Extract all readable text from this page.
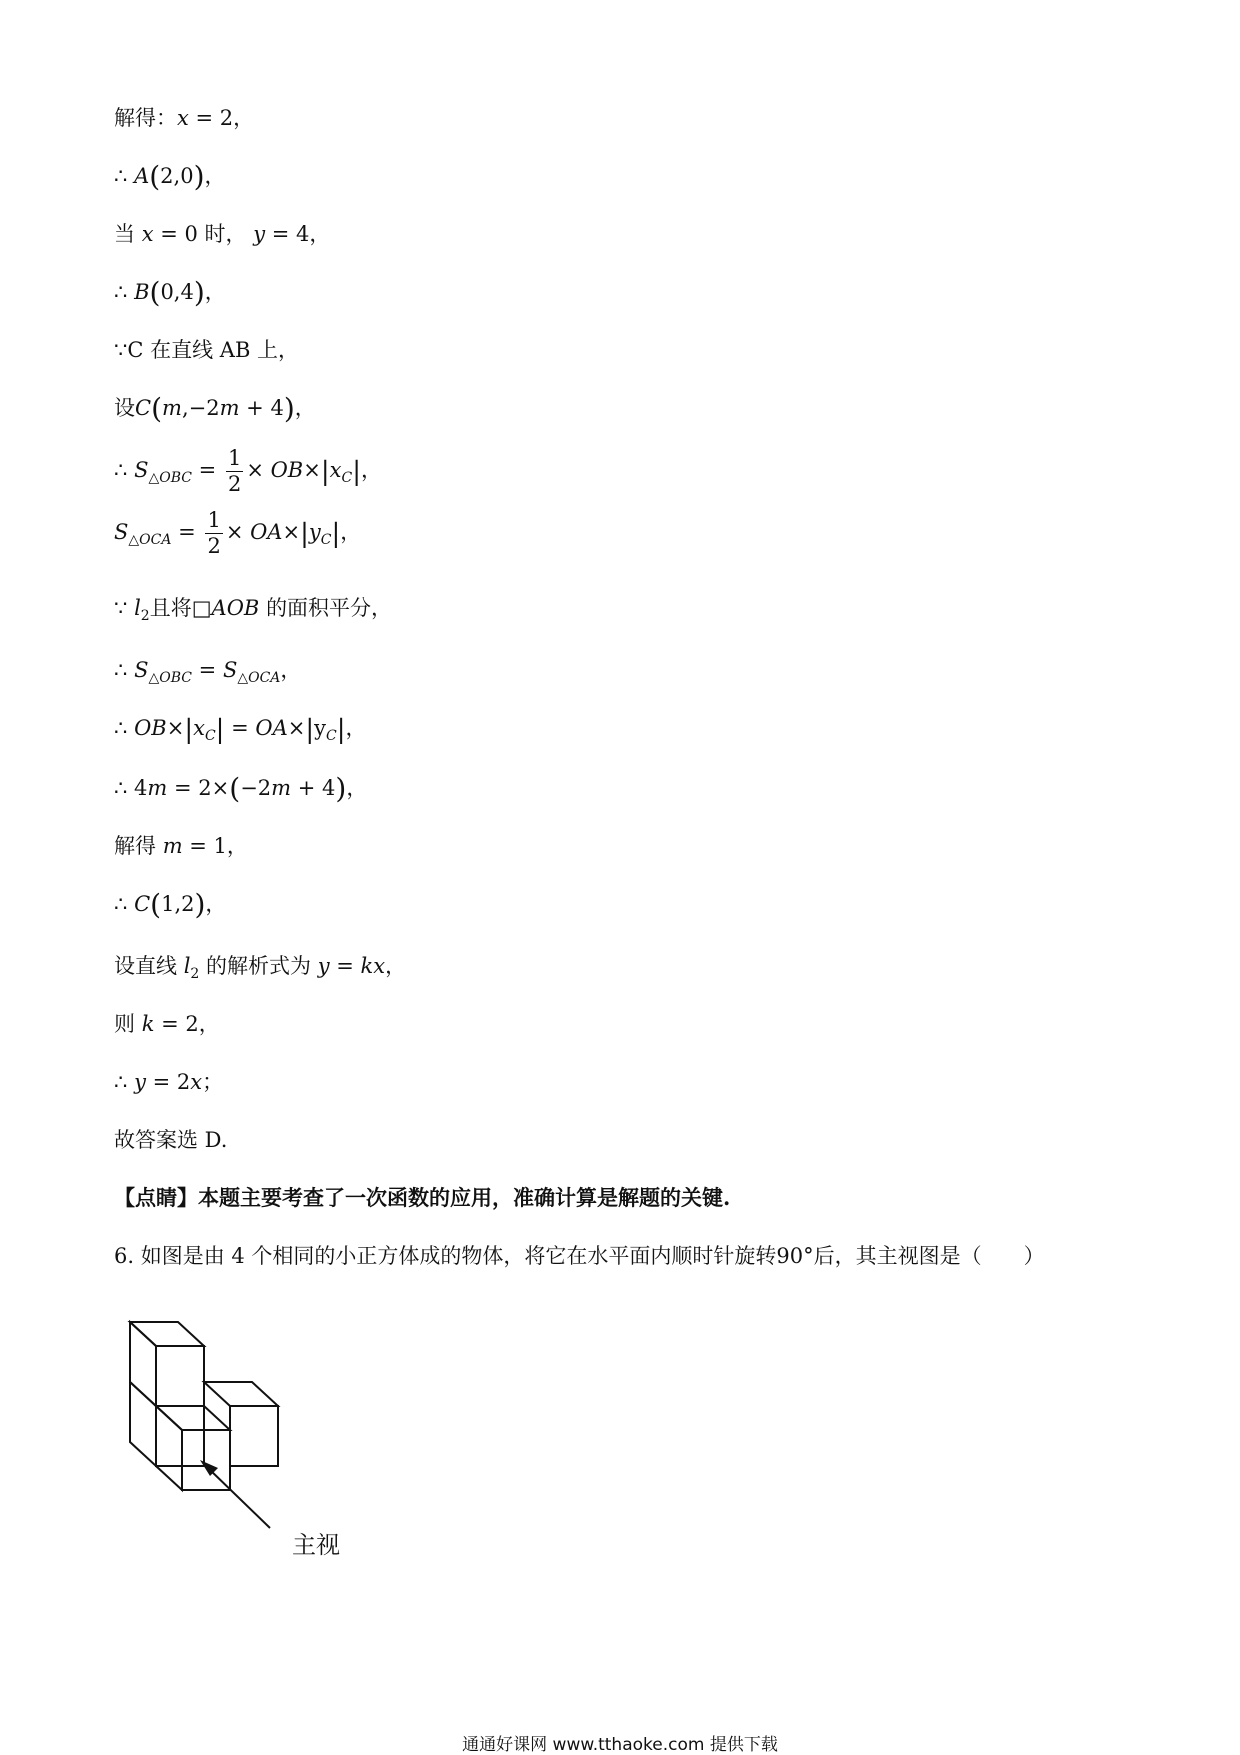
解得：x = 2，
∴ A(2,0)，
当 x = 0 时， y = 4，
∴ B(0,4)，
∵C 在直线 AB 上，
设C(m,−2m + 4)，
∴ $S_{\triangle OBC} = \frac{1}{2} \times OB\times|x_C|$，
$S_{\triangle OCA} = \frac{1}{2} \times OA\times|y_C|$，
∵ $l_2$且将□AOB 的面积平分，
∴ $S_{\triangle OBC} = S_{\triangle OCA}$，
∴ $OB\times|x_C| = OA\times|y_C|$，
∴ 4m = 2×(−2m + 4)，
解得 m = 1，
∴ C(1,2)，
设直线 $l_2$ 的解析式为 y = kx，
则 k = 2，
∴ y = 2x；
故答案选 D.
【点睛】本题主要考查了一次函数的应用，准确计算是解题的关键.
6. 如图是由 4 个相同的小正方体成的物体，将它在水平面内顺时针旋转90°后，其主视图是（　　）
主视
通通好课网 www.tthaoke.com 提供下载
